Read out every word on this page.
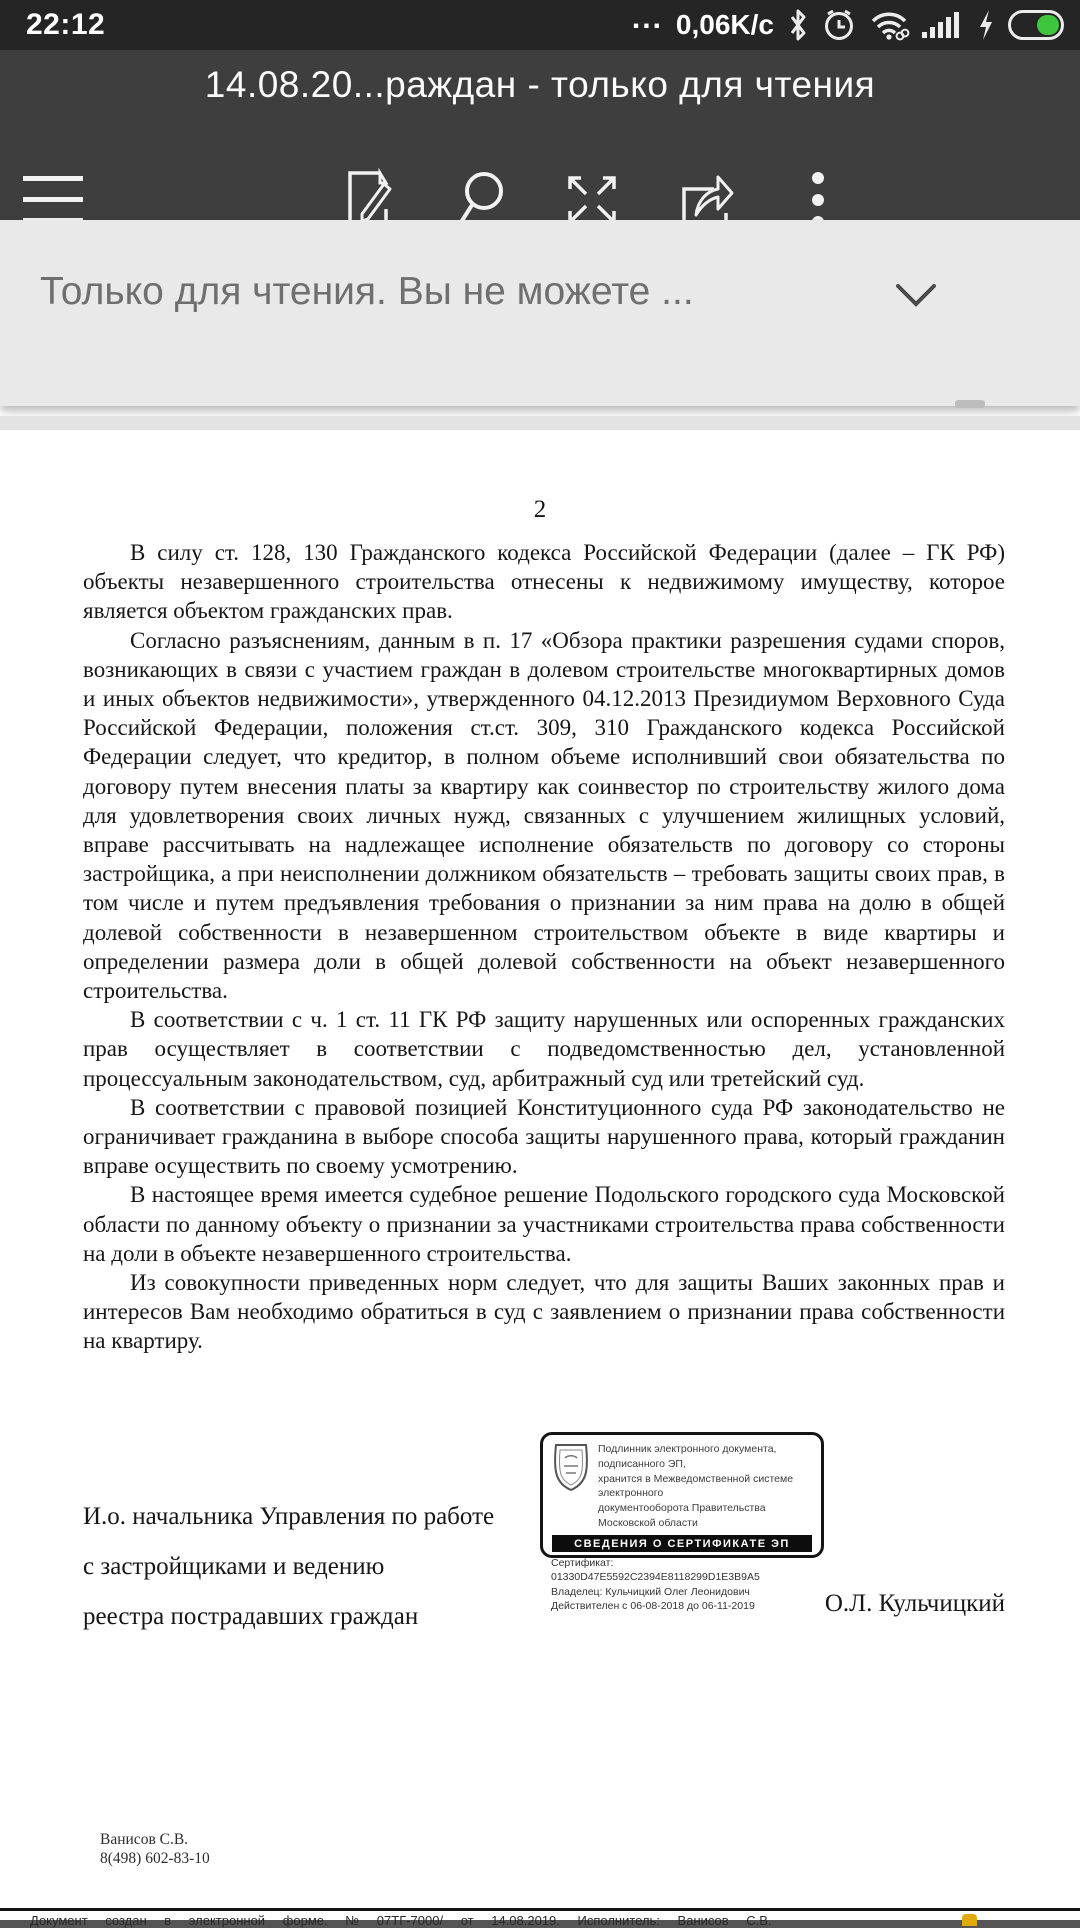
22:12	... 0,06K/c
14.08.20...раждан - только для чтения
Только для чтения. Вы не можете ...
2

В силу ст. 128, 130 Гражданского кодекса Российской Федерации (далее – ГК РФ) объекты незавершенного строительства отнесены к недвижимому имуществу, которое является объектом гражданских прав.

Согласно разъяснениям, данным в п. 17 «Обзора практики разрешения судами споров, возникающих в связи с участием граждан в долевом строительстве многоквартирных домов и иных объектов недвижимости», утвержденного 04.12.2013 Президиумом Верховного Суда Российской Федерации, положения ст.ст. 309, 310 Гражданского кодекса Российской Федерации следует, что кредитор, в полном объеме исполнивший свои обязательства по договору путем внесения платы за квартиру как соинвестор по строительству жилого дома для удовлетворения своих личных нужд, связанных с улучшением жилищных условий, вправе рассчитывать на надлежащее исполнение обязательств по договору со стороны застройщика, а при неисполнении должником обязательств – требовать защиты своих прав, в том числе и путем предъявления требования о признании за ним права на долю в общей долевой собственности в незавершенном строительством объекте в виде квартиры и определении размера доли в общей долевой собственности на объект незавершенного строительства.

В соответствии с ч. 1 ст. 11 ГК РФ защиту нарушенных или оспоренных гражданских прав осуществляет в соответствии с подведомственностью дел, установленной процессуальным законодательством, суд, арбитражный суд или третейский суд.

В соответствии с правовой позицией Конституционного суда РФ законодательство не ограничивает гражданина в выборе способа защиты нарушенного права, который гражданин вправе осуществить по своему усмотрению.

В настоящее время имеется судебное решение Подольского городского суда Московской области по данному объекту о признании за участниками строительства права собственности на доли в объекте незавершенного строительства.

Из совокупности приведенных норм следует, что для защиты Ваших законных прав и интересов Вам необходимо обратиться в суд с заявлением о признании права собственности на квартиру.

Подлинник электронного документа, подписанного ЭП,
хранится в Межведомственной системе электронного
документооборота Правительства Московской области
СВЕДЕНИЯ О СЕРТИФИКАТЕ ЭП
Сертификат: 01330D47E5592C2394E8118299D1E3B9A5
Владелец: Кульчицкий Олег Леонидович
Действителен с 06-08-2018 до 06-11-2019
И.о. начальника Управления по работе
с застройщиками и ведению
реестра пострадавших граждан	О.Л. Кульчицкий
Ванисов С.В.
8(498) 602-83-10
Документ создан в электронной форме. № 07ТГ-7000/ от 14.08.2019. Исполнитель: Ванисов С.В.
